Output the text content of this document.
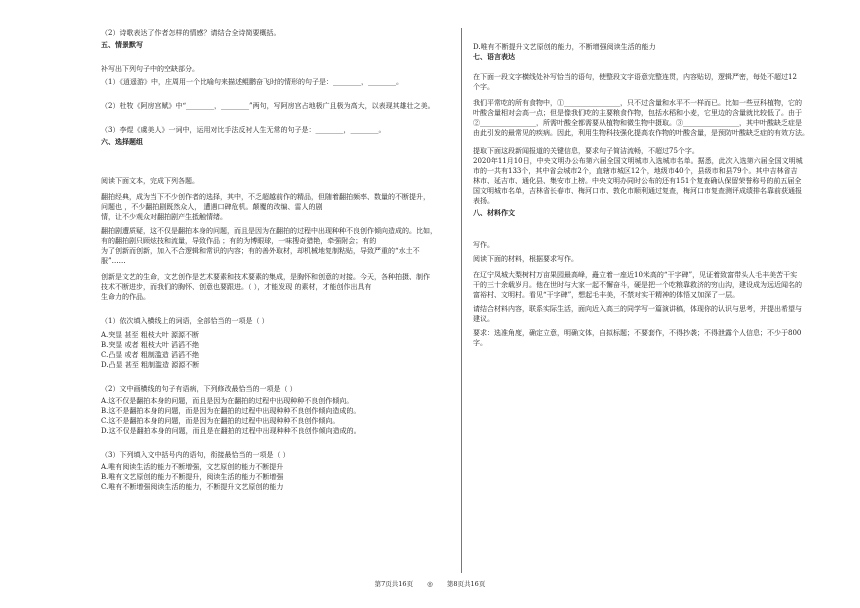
（2）诗歌表达了作者怎样的情感？请结合全诗简要概括。

五、情景默写

补写出下列句子中的空缺部分。

（1）《逍遥游》中，庄周用一个比喻句来描述鲲鹏奋飞时的情形的句子是：________，________。

（2）杜牧《阿房宫赋》中“________，________”两句，写阿房宫占地极广且极为高大，以表现其雄壮之美。

（3）李煜《虞美人》一词中，运用对比手法反衬人生无常的句子是：________，________。

六、选择题组

阅读下面文本，完成下列各题。

翻拍经典，成为当下不少创作者的选择，其中，不乏超越前作的精品，但随着翻拍频率、数量的不断提升，

问题也 ，不少翻拍剧既然众人， 遭遇口碑危机。颠覆的改编、雷人的剧

情，让不少观众对翻拍剧产生抵触情绪。

翻拍剧遭质疑，这不仅是翻拍本身的问题，而且是因为在翻拍的过程中出现种种不良创作倾向造成的。比如，

有的翻拍剧只顾炫技和流量，导致作品 ；有的为博眼球，一味搜奇猎艳，牵强附会；有的

为了创新而创新，加入不合逻辑和常识的内容；有的善外取材，却机械地复制粘贴，导致严重的“水土不

服”……

创新是文艺的生命，文艺创作是艺术要素和技术要素的集成，是胸怀和创意的对接。今天，各种拍摄、制作

技术不断进步，而我们的胸怀、创意也要跟进。（ ），才能发现 的素材，才能创作出具有

生命力的作品。

（1）依次填入横线上的词语，全部恰当的一项是（ ）

A.突显 甚至 粗枝大叶 源源不断

B.突显 或者 粗枝大叶 滔滔不绝

C.凸显 或者 粗制滥造 滔滔不绝

D.凸显 甚至 粗制滥造 源源不断

（2）文中画横线的句子有语病，下列修改最恰当的一项是（ ）

A.这不仅是翻拍本身的问题，而且是因为在翻拍的过程中出现种种不良创作倾向。

B.这不是翻拍本身的问题，而是因为在翻拍的过程中出现种种不良创作倾向造成的。

C.这不是翻拍本身的问题，而是因为在翻拍的过程中出现种种不良创作倾向。

D.这不仅是翻拍本身的问题，而且是在翻拍的过程中出现种种不良创作倾向造成的。

（3）下列填入文中括号内的语句，衔接最恰当的一项是（ ）

A.唯有阅读生活的能力不断增强，文艺原创的能力不断提升

B.唯有文艺原创的能力不断提升，阅读生活的能力不断增强

C.唯有不断增强阅读生活的能力，不断提升文艺原创的能力

D.唯有不断提升文艺原创的能力，不断增强阅读生活的能力

七、语言表达

在下面一段文字横线处补写恰当的语句，使整段文字语意完整连贯，内容贴切，逻辑严密，每处不超过12

个字。

我们平常吃的所有食物中，①________________，只不过含量和水平不一样而已。比如一些豆科植物，它的

叶酸含量相对会高一点；但是像我们吃的主要粮食作物，包括水稻和小麦，它里边的含量就比较低了。由于

②________________，所需叶酸全都需要从植物和微生物中摄取。③________________，其中叶酸缺乏症是

由此引发的最常见的疾病。因此，利用生物科技强化提高农作物的叶酸含量，是预防叶酸缺乏症的有效方法。

提取下面这段新闻报道的关键信息，要求句子简洁流畅，不超过75个字。

2020年11月10日，中央文明办公布第六届全国文明城市入选城市名单。据悉，此次入选第六届全国文明城

市的一共有133个，其中省会城市2个，直辖市城区12个，地级市40个，县级市和县79个。其中吉林省吉

林市、延吉市、通化县、集安市上榜。中央文明办同时公布的还有151个复查确认保留荣誉称号的前五届全

国文明城市名单，吉林省长春市、梅河口市、敦化市顺利通过复查，梅河口市复查测评成绩排名靠前获通报

表扬。

八、材料作文

写作。

阅读下面的材料，根据要求写作。

在辽宁凤城大梨树村万亩果园最高峰，矗立着一座近10米高的“干字碑”，见证着致富带头人毛丰美苦干实

干的三十余载岁月。他在世时与大家一起不懈奋斗，硬是把一个吃粮靠救济的穷山沟，建设成为远近闻名的

富裕村、文明村。看见“干字碑”，想起毛丰美，不禁对实干精神的体悟又加深了一层。

请结合材料内容，联系实际生活，面向近入高三的同学写一篇演讲稿，体现你的认识与思考，并提出希望与

建议。

要求：选准角度，确定立意，明确文体，自拟标题；不要套作，不得抄袭；不得泄露个人信息；不少于800

字。

第7页共16页 ◎ 第8页共16页
